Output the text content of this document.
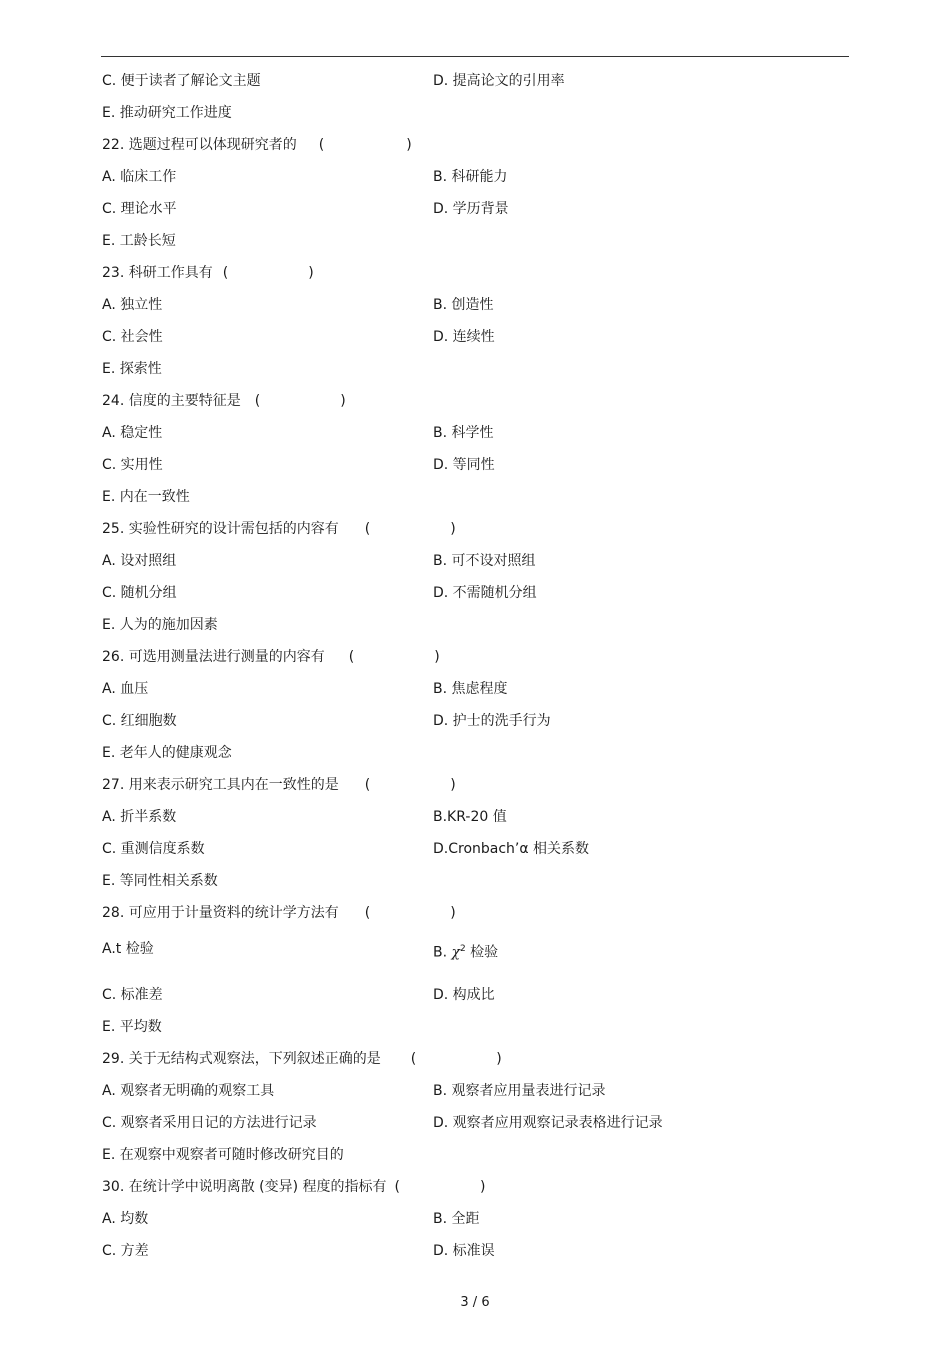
C. 便于读者了解论文主题	D. 提高论文的引用率
E. 推动研究工作进度
22. 选题过程可以体现研究者的 (	)
A. 临床工作	B. 科研能力
C. 理论水平	D. 学历背景
E. 工龄长短
23. 科研工作具有 (	)
A. 独立性	B. 创造性
C. 社会性	D. 连续性
E. 探索性
24. 信度的主要特征是 (	)
A. 稳定性	B. 科学性
C. 实用性	D. 等同性
E. 内在一致性
25. 实验性研究的设计需包括的内容有 (	)
A. 设对照组	B. 可不设对照组
C. 随机分组	D. 不需随机分组
E. 人为的施加因素
26. 可选用测量法进行测量的内容有 (	)
A. 血压	B. 焦虑程度
C. 红细胞数	D. 护士的洗手行为
E. 老年人的健康观念
27. 用来表示研究工具内在一致性的是 (	)
A. 折半系数	B.KR-20 值
C. 重测信度系数	D.Cronbach’α 相关系数
E. 等同性相关系数
28. 可应用于计量资料的统计学方法有 (	)
A.t 检验	B. $\chi^2$ 检验
C. 标准差	D. 构成比
E. 平均数
29. 关于无结构式观察法，下列叙述正确的是 (	)
A. 观察者无明确的观察工具	B. 观察者应用量表进行记录
C. 观察者采用日记的方法进行记录	D. 观察者应用观察记录表格进行记录
E. 在观察中观察者可随时修改研究目的
30. 在统计学中说明离散 (变异) 程度的指标有 (	)
A. 均数	B. 全距
C. 方差	D. 标准误
3 / 6
